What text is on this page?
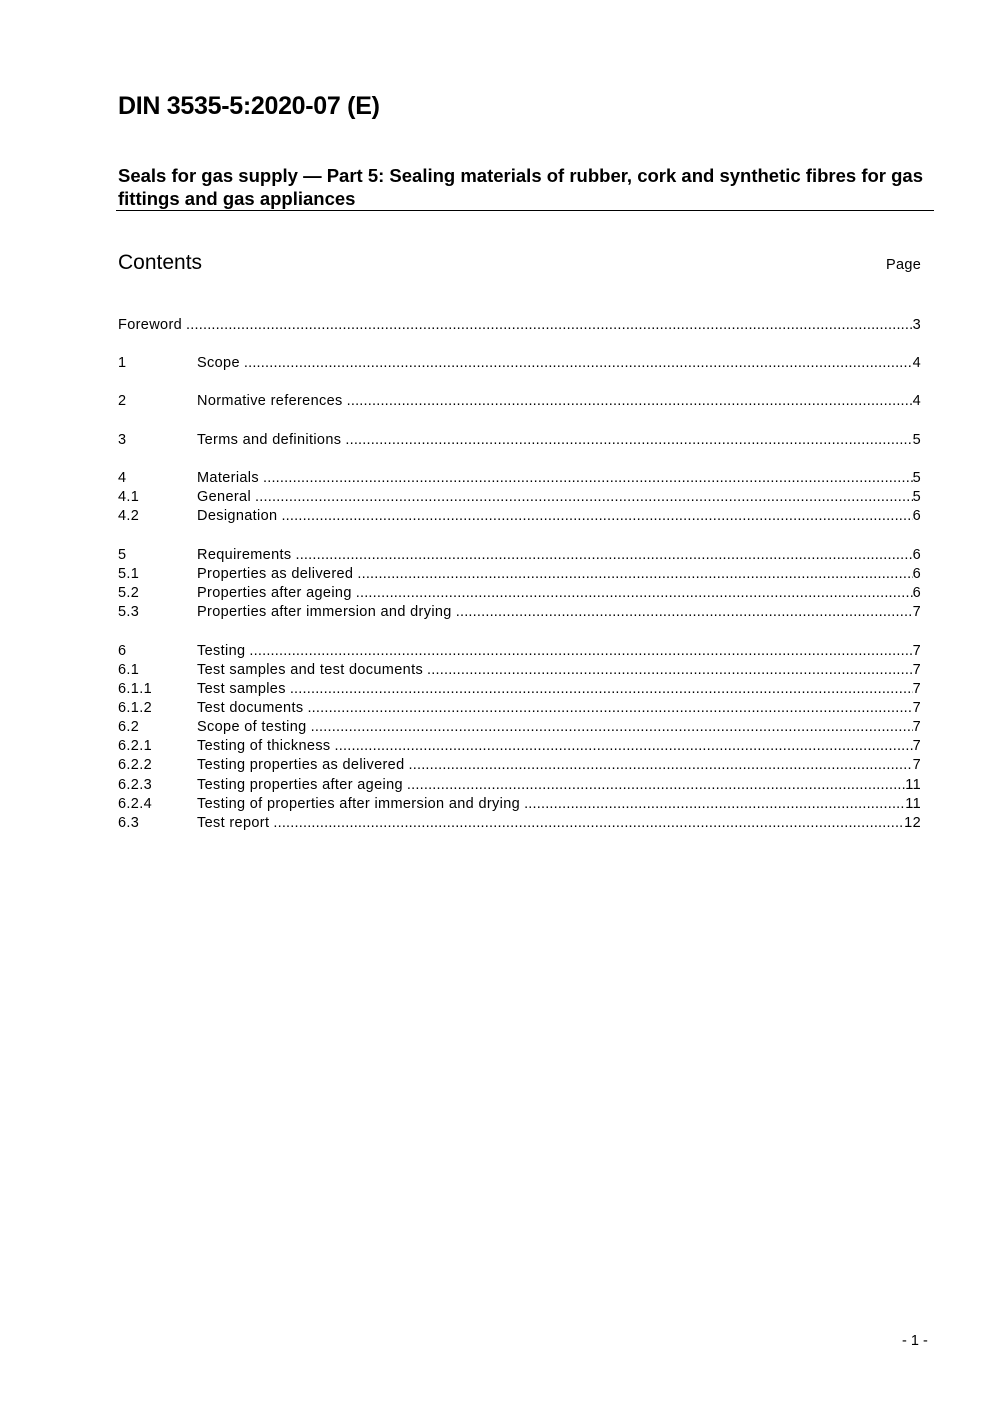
DIN 3535-5:2020-07 (E)
Seals for gas supply — Part 5: Sealing materials of rubber, cork and synthetic fibres for gas fittings and gas appliances
Contents	Page
Foreword .....	3
1	Scope .....	4
2	Normative references .....	4
3	Terms and definitions .....	5
4	Materials .....	5
4.1	General .....	5
4.2	Designation .....	6
5	Requirements .....	6
5.1	Properties as delivered .....	6
5.2	Properties after ageing .....	6
5.3	Properties after immersion and drying .....	7
6	Testing .....	7
6.1	Test samples and test documents .....	7
6.1.1	Test samples .....	7
6.1.2	Test documents .....	7
6.2	Scope of testing .....	7
6.2.1	Testing of thickness .....	7
6.2.2	Testing properties as delivered .....	7
6.2.3	Testing properties after ageing .....	11
6.2.4	Testing of properties after immersion and drying .....	11
6.3	Test report .....	12
- 1 -
